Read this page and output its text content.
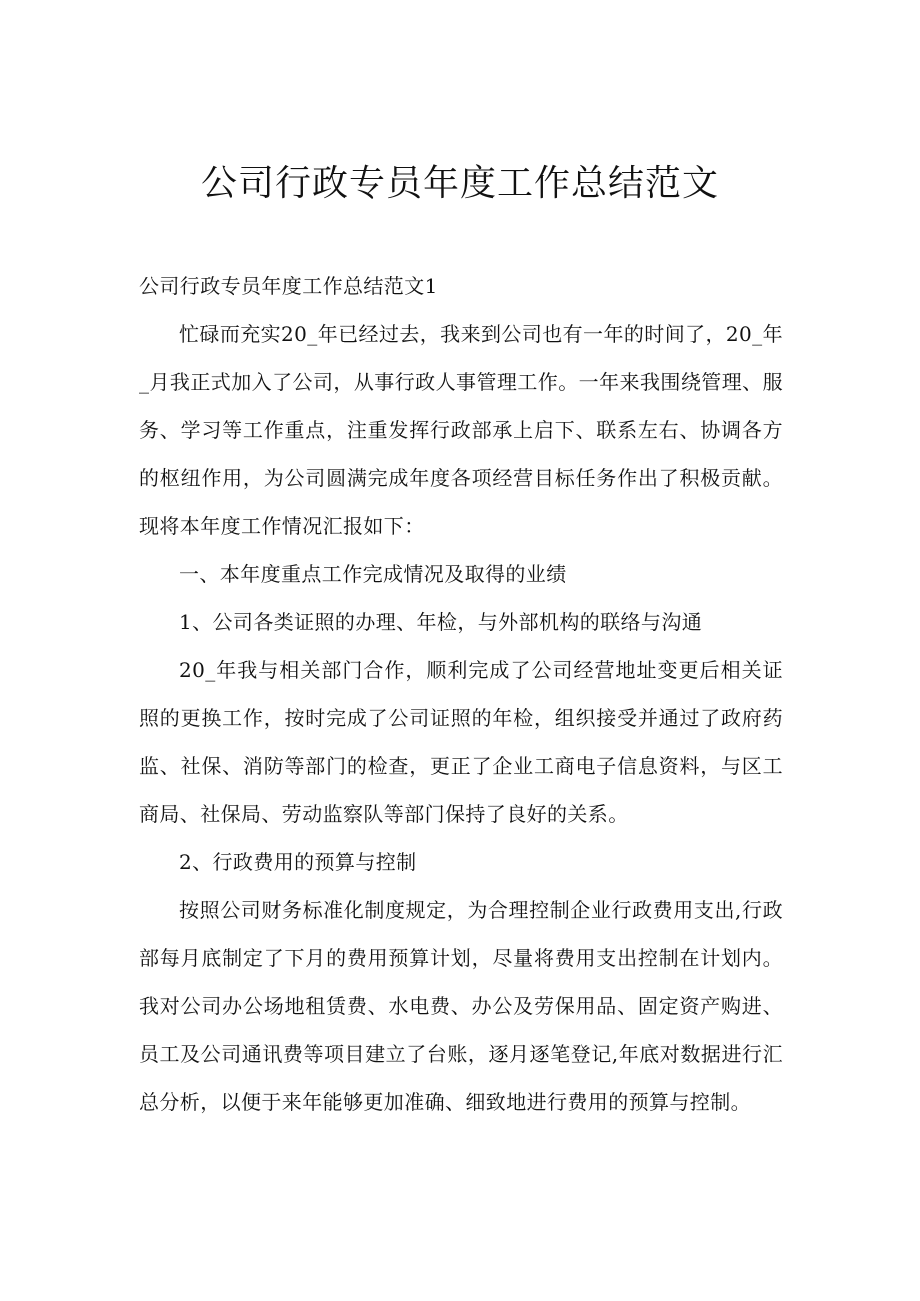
公司行政专员年度工作总结范文

公司行政专员年度工作总结范文1

忙碌而充实20_年已经过去，我来到公司也有一年的时间了，20_年_月我正式加入了公司，从事行政人事管理工作。一年来我围绕管理、服务、学习等工作重点，注重发挥行政部承上启下、联系左右、协调各方的枢纽作用，为公司圆满完成年度各项经营目标任务作出了积极贡献。现将本年度工作情况汇报如下：

一、本年度重点工作完成情况及取得的业绩

1、公司各类证照的办理、年检，与外部机构的联络与沟通

20_年我与相关部门合作，顺利完成了公司经营地址变更后相关证照的更换工作，按时完成了公司证照的年检，组织接受并通过了政府药监、社保、消防等部门的检查，更正了企业工商电子信息资料，与区工商局、社保局、劳动监察队等部门保持了良好的关系。

2、行政费用的预算与控制

按照公司财务标准化制度规定，为合理控制企业行政费用支出,行政部每月底制定了下月的费用预算计划，尽量将费用支出控制在计划内。我对公司办公场地租赁费、水电费、办公及劳保用品、固定资产购进、员工及公司通讯费等项目建立了台账，逐月逐笔登记,年底对数据进行汇总分析，以便于来年能够更加准确、细致地进行费用的预算与控制。
